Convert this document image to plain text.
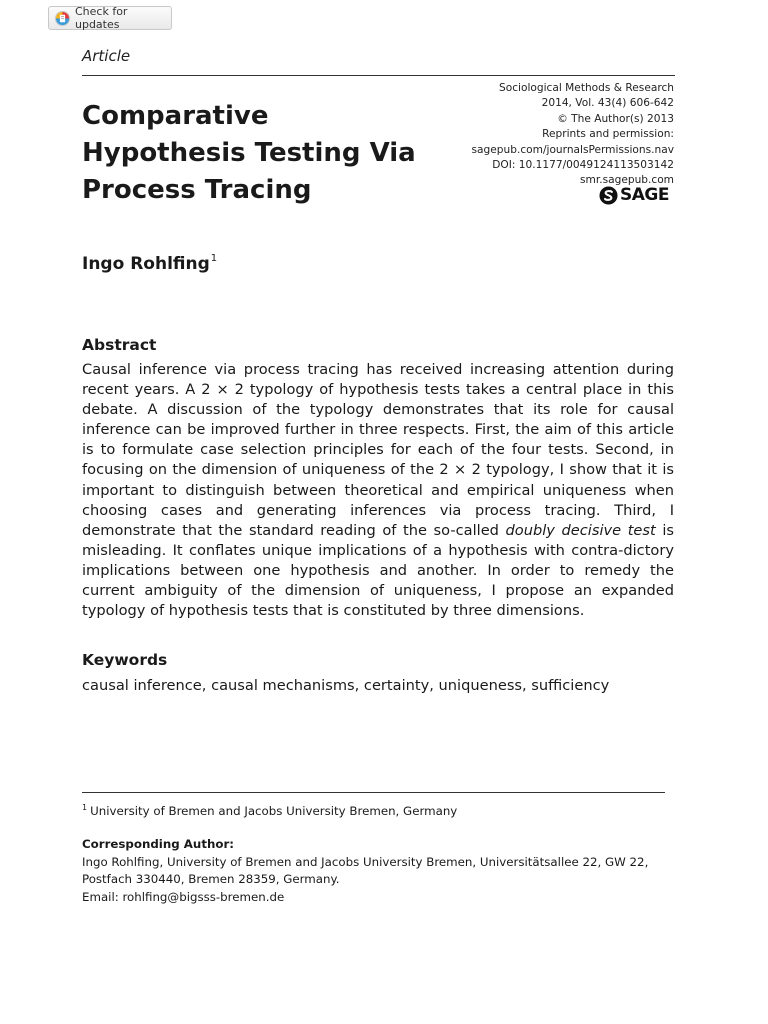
Check for updates
Article
Comparative
Hypothesis Testing Via
Process Tracing
Sociological Methods & Research
2014, Vol. 43(4) 606-642
© The Author(s) 2013
Reprints and permission:
sagepub.com/journalsPermissions.nav
DOI: 10.1177/0049124113503142
smr.sagepub.com
SAGE
Ingo Rohlfing$^1$
Abstract

Causal inference via process tracing has received increasing attention during recent years. A 2 × 2 typology of hypothesis tests takes a central place in this debate. A discussion of the typology demonstrates that its role for causal inference can be improved further in three respects. First, the aim of this article is to formulate case selection principles for each of the four tests. Second, in focusing on the dimension of uniqueness of the 2 × 2 typology, I show that it is important to distinguish between theoretical and empirical uniqueness when choosing cases and generating inferences via process tracing. Third, I demonstrate that the standard reading of the so-called doubly decisive test is misleading. It conflates unique implications of a hypothesis with contra-dictory implications between one hypothesis and another. In order to remedy the current ambiguity of the dimension of uniqueness, I propose an expanded typology of hypothesis tests that is constituted by three dimensions.

Keywords
causal inference, causal mechanisms, certainty, uniqueness, sufficiency
$^1$ University of Bremen and Jacobs University Bremen, Germany
Corresponding Author:
Ingo Rohlfing, University of Bremen and Jacobs University Bremen, Universitätsallee 22, GW 22,
Postfach 330440, Bremen 28359, Germany.
Email: rohlfing@bigsss-bremen.de
